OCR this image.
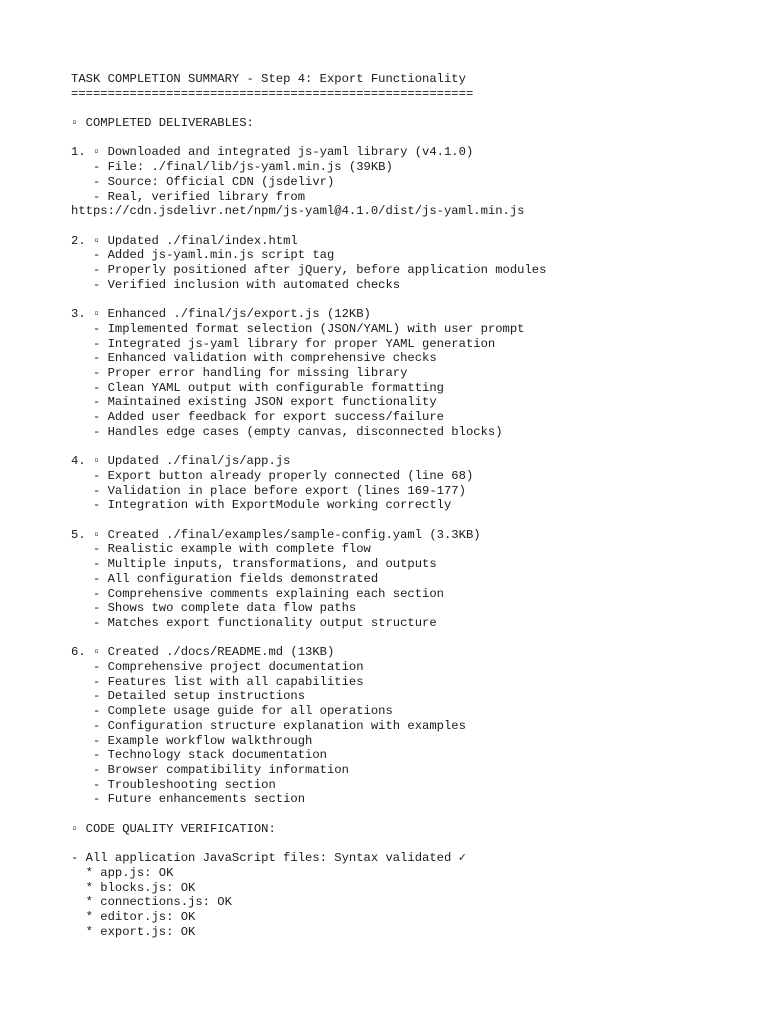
TASK COMPLETION SUMMARY - Step 4: Export Functionality
=======================================================
▫ COMPLETED DELIVERABLES:
1. ▫ Downloaded and integrated js-yaml library (v4.1.0)
- File: ./final/lib/js-yaml.min.js (39KB)
- Source: Official CDN (jsdelivr)
- Real, verified library from
https://cdn.jsdelivr.net/npm/js-yaml@4.1.0/dist/js-yaml.min.js
2. ▫ Updated ./final/index.html
- Added js-yaml.min.js script tag
- Properly positioned after jQuery, before application modules
- Verified inclusion with automated checks
3. ▫ Enhanced ./final/js/export.js (12KB)
- Implemented format selection (JSON/YAML) with user prompt
- Integrated js-yaml library for proper YAML generation
- Enhanced validation with comprehensive checks
- Proper error handling for missing library
- Clean YAML output with configurable formatting
- Maintained existing JSON export functionality
- Added user feedback for export success/failure
- Handles edge cases (empty canvas, disconnected blocks)
4. ▫ Updated ./final/js/app.js
- Export button already properly connected (line 68)
- Validation in place before export (lines 169-177)
- Integration with ExportModule working correctly
5. ▫ Created ./final/examples/sample-config.yaml (3.3KB)
- Realistic example with complete flow
- Multiple inputs, transformations, and outputs
- All configuration fields demonstrated
- Comprehensive comments explaining each section
- Shows two complete data flow paths
- Matches export functionality output structure
6. ▫ Created ./docs/README.md (13KB)
- Comprehensive project documentation
- Features list with all capabilities
- Detailed setup instructions
- Complete usage guide for all operations
- Configuration structure explanation with examples
- Example workflow walkthrough
- Technology stack documentation
- Browser compatibility information
- Troubleshooting section
- Future enhancements section
▫ CODE QUALITY VERIFICATION:
- All application JavaScript files: Syntax validated ✓
* app.js: OK
* blocks.js: OK
* connections.js: OK
* editor.js: OK
* export.js: OK
